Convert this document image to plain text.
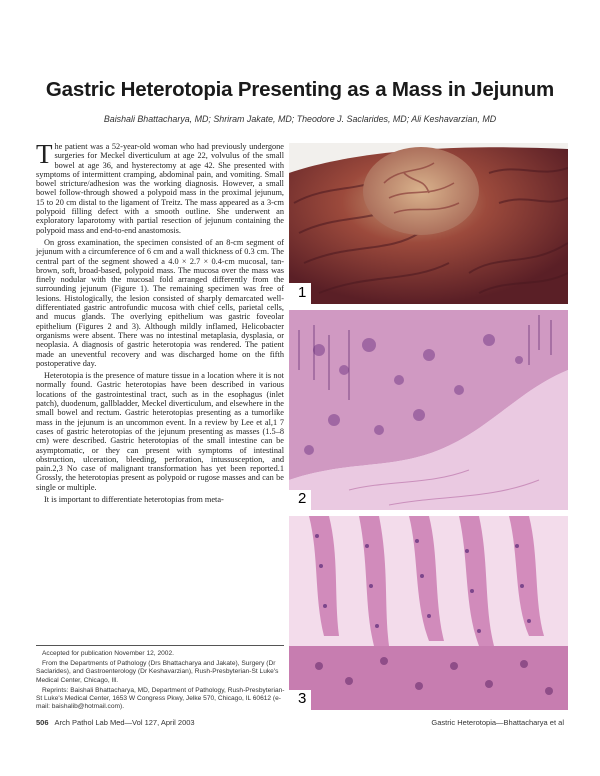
Gastric Heterotopia Presenting as a Mass in Jejunum
Baishali Bhattacharya, MD; Shriram Jakate, MD; Theodore J. Saclarides, MD; Ali Keshavarzian, MD

The patient was a 52-year-old woman who had previously undergone surgeries for Meckel diverticulum at age 22, volvulus of the small bowel at age 36, and hysterectomy at age 42. She presented with symptoms of intermittent cramping, abdominal pain, and vomiting. Small bowel stricture/adhesion was the working diagnosis. However, a small bowel follow-through showed a polypoid mass in the proximal jejunum, 15 to 20 cm distal to the ligament of Treitz. The mass appeared as a 3-cm polypoid filling defect with a smooth outline. She underwent an exploratory laparotomy with partial resection of jejunum containing the polypoid mass and end-to-end anastomosis.

On gross examination, the specimen consisted of an 8-cm segment of jejunum with a circumference of 6 cm and a wall thickness of 0.3 cm. The central part of the segment showed a 4.0 × 2.7 × 0.4-cm mucosal, tan-brown, soft, broad-based, polypoid mass. The mucosa over the mass was finely nodular with the mucosal fold arranged differently from the surrounding jejunum (Figure 1). The remaining specimen was free of lesions. Histologically, the lesion consisted of sharply demarcated well-differentiated gastric antrofundic mucosa with chief cells, parietal cells, and mucus glands. The overlying epithelium was gastric foveolar epithelium (Figures 2 and 3). Although mildly inflamed, Helicobacter organisms were absent. There was no intestinal metaplasia, dysplasia, or neoplasia. A diagnosis of gastric heterotopia was rendered. The patient made an uneventful recovery and was discharged home on the fifth postoperative day.

Heterotopia is the presence of mature tissue in a location where it is not normally found. Gastric heterotopias have been described in various locations of the gastrointestinal tract, such as in the esophagus (inlet patch), duodenum, gallbladder, Meckel diverticulum, and elsewhere in the small bowel and rectum. Gastric heterotopias presenting as a tumorlike mass in the jejunum is an uncommon event. In a review by Lee et al,1 7 cases of gastric heterotopias of the jejunum presenting as masses (1.5–8 cm) were described. Gastric heterotopias of the small intestine can be asymptomatic, or they can present with symptoms of intestinal obstruction, ulceration, bleeding, perforation, intussusception, and pain.2,3 No case of malignant transformation has yet been reported.1 Grossly, the heterotopias present as polypoid or rugose masses and can be single or multiple.

It is important to differentiate heterotopias from meta-

Accepted for publication November 12, 2002.

From the Departments of Pathology (Drs Bhattacharya and Jakate), Surgery (Dr Saclarides), and Gastroenterology (Dr Keshavarzian), Rush-Presbyterian-St Luke's Medical Center, Chicago, Ill.

Reprints: Baishali Bhattacharya, MD, Department of Pathology, Rush-Presbyterian-St Luke's Medical Center, 1653 W Congress Pkwy, Jelke 570, Chicago, IL 60612 (e-mail: baishalib@hotmail.com).

506 Arch Pathol Lab Med—Vol 127, April 2003	Gastric Heterotopia—Bhattacharya et al
1
2
3
